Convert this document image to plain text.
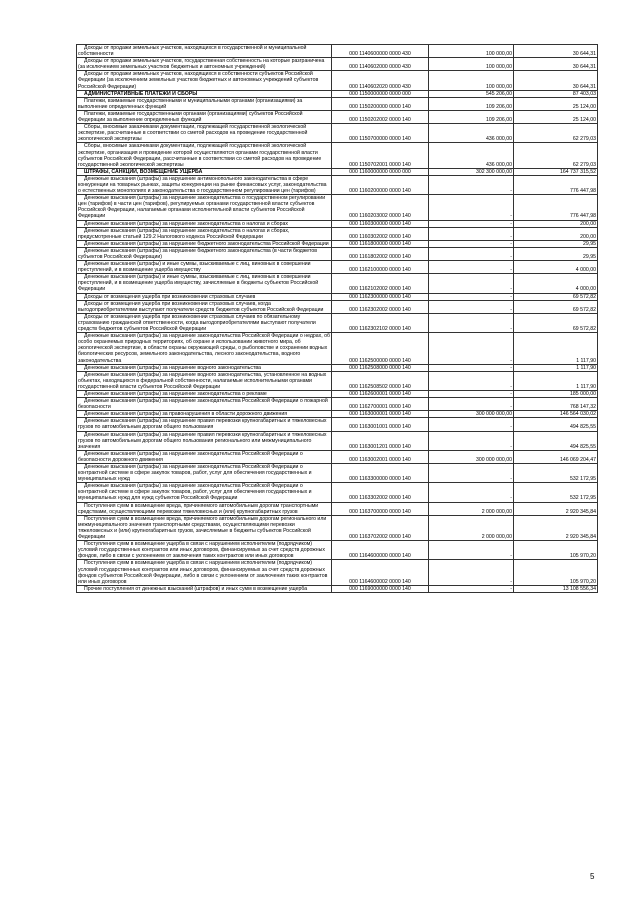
Доходы от продажи земельных участков, находящихся в государственной и муниципальной собственности	000 1140600000 0000 430	100 000,00	30 644,31
Доходы от продажи земельных участков, государственная собственность на которые разграничена (за исключением земельных участков бюджетных и автономных учреждений)	000 1140602000 0000 430	100 000,00	30 644,31
Доходы от продажи земельных участков, находящихся в собственности субъектов Российской Федерации (за исключением земельных участков бюджетных и автономных учреждений субъектов Российской Федерации)	000 1140602020 0000 430	100 000,00	30 644,31
АДМИНИСТРАТИВНЫЕ ПЛАТЕЖИ И СБОРЫ	000 1150000000 0000 000	545 206,00	87 403,03
Платежи, взимаемые государственными и муниципальными органами (организациями) за выполнение определенных функций	000 1150200000 0000 140	109 206,00	25 124,00
Платежи, взимаемые государственными органами (организациями) субъектов Российской Федерации за выполнение определенных функций	000 1150202002 0000 140	109 206,00	25 124,00
Сборы, вносимые заказчиками документации, подлежащей государственной экологической экспертизе, рассчитанные в соответствии со сметой расходов на проведение государственной экологической экспертизы	000 1150700000 0000 140	436 000,00	62 279,03
Сборы, вносимые заказчиками документации, подлежащей государственной экологической экспертизе, организация и проведение которой осуществляются органами государственной власти субъектов Российской Федерации, рассчитанные в соответствии со сметой расходов на проведение государственной экологической экспертизы	000 1150702001 0000 140	436 000,00	62 279,03
ШТРАФЫ, САНКЦИИ, ВОЗМЕЩЕНИЕ УЩЕРБА	000 1160000000 0000 000	302 300 000,00	164 737 315,52
Денежные взыскания (штрафы) за нарушение антимонопольного законодательства в сфере конкуренции на товарных рынках, защиты конкуренции на рынке финансовых услуг, законодательства о естественных монополиях и законодательства о государственном регулировании цен (тарифов)	000 1160200000 0000 140	-	776 447,98
Денежные взыскания (штрафы) за нарушение законодательства о государственном регулировании цен (тарифов) в части цен (тарифов), регулируемых органами государственной власти субъектов Российской Федерации, налагаемые органами исполнительной власти субъектов Российской Федерации	000 1160203002 0000 140	-	776 447,98
Денежные взыскания (штрафы) за нарушение законодательства о налогах и сборах	000 1160300000 0000 140	-	200,00
Денежные взыскания (штрафы) за нарушение законодательства о налогах и сборах, предусмотренные статьей 129.2 Налогового кодекса Российской Федерации	000 1160302002 0000 140	-	200,00
Денежные взыскания (штрафы) за нарушение бюджетного законодательства Российской Федерации	000 1161800000 0000 140	-	29,95
Денежные взыскания (штрафы) за нарушение бюджетного законодательства (в части бюджетов субъектов Российской Федерации)	000 1161802002 0000 140	-	29,95
Денежные взыскания (штрафы) и иные суммы, взыскиваемые с лиц, виновных в совершении преступлений, и в возмещение ущерба имуществу	000 1162100000 0000 140	-	4 000,00
Денежные взыскания (штрафы) и иные суммы, взыскиваемые с лиц, виновных в совершении преступлений, и в возмещение ущерба имуществу, зачисляемые в бюджеты субъектов Российской Федерации	000 1162102002 0000 140	-	4 000,00
Доходы от возмещения ущерба при возникновении страховых случаев	000 1162300000 0000 140	-	69 572,82
Доходы от возмещения ущерба при возникновении страховых случаев, когда выгодоприобретателями выступают получатели средств бюджетов субъектов Российской Федерации	000 1162302002 0000 140	-	69 572,82
Доходы от возмещения ущерба при возникновении страховых случаев по обязательному страхованию гражданской ответственности, когда выгодоприобретателями выступают получатели средств бюджетов субъектов Российской Федерации	000 1162302102 0000 140	-	69 572,82
Денежные взыскания (штрафы) за нарушение законодательства Российской Федерации о недрах, об особо охраняемых природных территориях, об охране и использовании животного мира, об экологической экспертизе, в области охраны окружающей среды, о рыболовстве и сохранении водных биологических ресурсов, земельного законодательства, лесного законодательства, водного законодательства	000 1162500000 0000 140	-	1 117,90
Денежные взыскания (штрафы) за нарушение водного законодательства	000 1162508000 0000 140	-	1 117,90
Денежные взыскания (штрафы) за нарушение водного законодательства, установленное на водных объектах, находящихся в федеральной собственности, налагаемые исполнительными органами государственной власти субъектов Российской Федерации	000 1162508502 0000 140	-	1 117,90
Денежные взыскания (штрафы) за нарушение законодательства о рекламе	000 1162600001 0000 140	-	185 000,00
Денежные взыскания (штрафы) за нарушение законодательства Российской Федерации о пожарной безопасности	000 1162700001 0000 140	-	768 147,32
Денежные взыскания (штрафы) за правонарушения в области дорожного движения	000 1163000001 0000 140	300 000 000,00	146 564 030,02
Денежные взыскания (штрафы) за нарушение правил перевозки крупногабаритных и тяжеловесных грузов по автомобильным дорогам общего пользования	000 1163001001 0000 140	-	494 825,55
Денежные взыскания (штрафы) за нарушение правил перевозки крупногабаритных и тяжеловесных грузов по автомобильным дорогам общего пользования регионального или межмуниципального значения	000 1163001201 0000 140	-	494 825,55
Денежные взыскания (штрафы) за нарушение законодательства Российской Федерации о безопасности дорожного движения	000 1163002001 0000 140	300 000 000,00	146 069 204,47
Денежные взыскания (штрафы) за нарушение законодательства Российской Федерации о контрактной системе в сфере закупок товаров, работ, услуг для обеспечения государственных и муниципальных нужд	000 1163300000 0000 140	-	532 172,95
Денежные взыскания (штрафы) за нарушение законодательства Российской Федерации о контрактной системе в сфере закупок товаров, работ, услуг для обеспечения государственных и муниципальных нужд для нужд субъектов Российской Федерации	000 1163302002 0000 140	-	532 172,95
Поступления сумм в возмещение вреда, причиняемого автомобильным дорогам транспортными средствами, осуществляющими перевозки тяжеловесных и (или) крупногабаритных грузов	000 1163700000 0000 140	2 000 000,00	2 920 345,84
Поступления сумм в возмещение вреда, причиняемого автомобильным дорогам регионального или межмуниципального значения транспортными средствами, осуществляющими перевозки тяжеловесных и (или) крупногабаритных грузов, зачисляемые в бюджеты субъектов Российской Федерации	000 1163702002 0000 140	2 000 000,00	2 920 345,84
Поступления сумм в возмещение ущерба в связи с нарушением исполнителем (подрядчиком) условий государственных контрактов или иных договоров, финансируемых за счет средств дорожных фондов, либо в связи с уклонением от заключения таких контрактов или иных договоров	000 1164600000 0000 140	-	105 970,20
Поступления сумм в возмещение ущерба в связи с нарушением исполнителем (подрядчиком) условий государственных контрактов или иных договоров, финансируемых за счет средств дорожных фондов субъектов Российской Федерации, либо в связи с уклонением от заключения таких контрактов или иных договоров	000 1164600002 0000 140	-	105 970,20
Прочие поступления от денежных взысканий (штрафов) и иных сумм в возмещение ущерба	000 1169000000 0000 140	-	13 108 556,34
5
